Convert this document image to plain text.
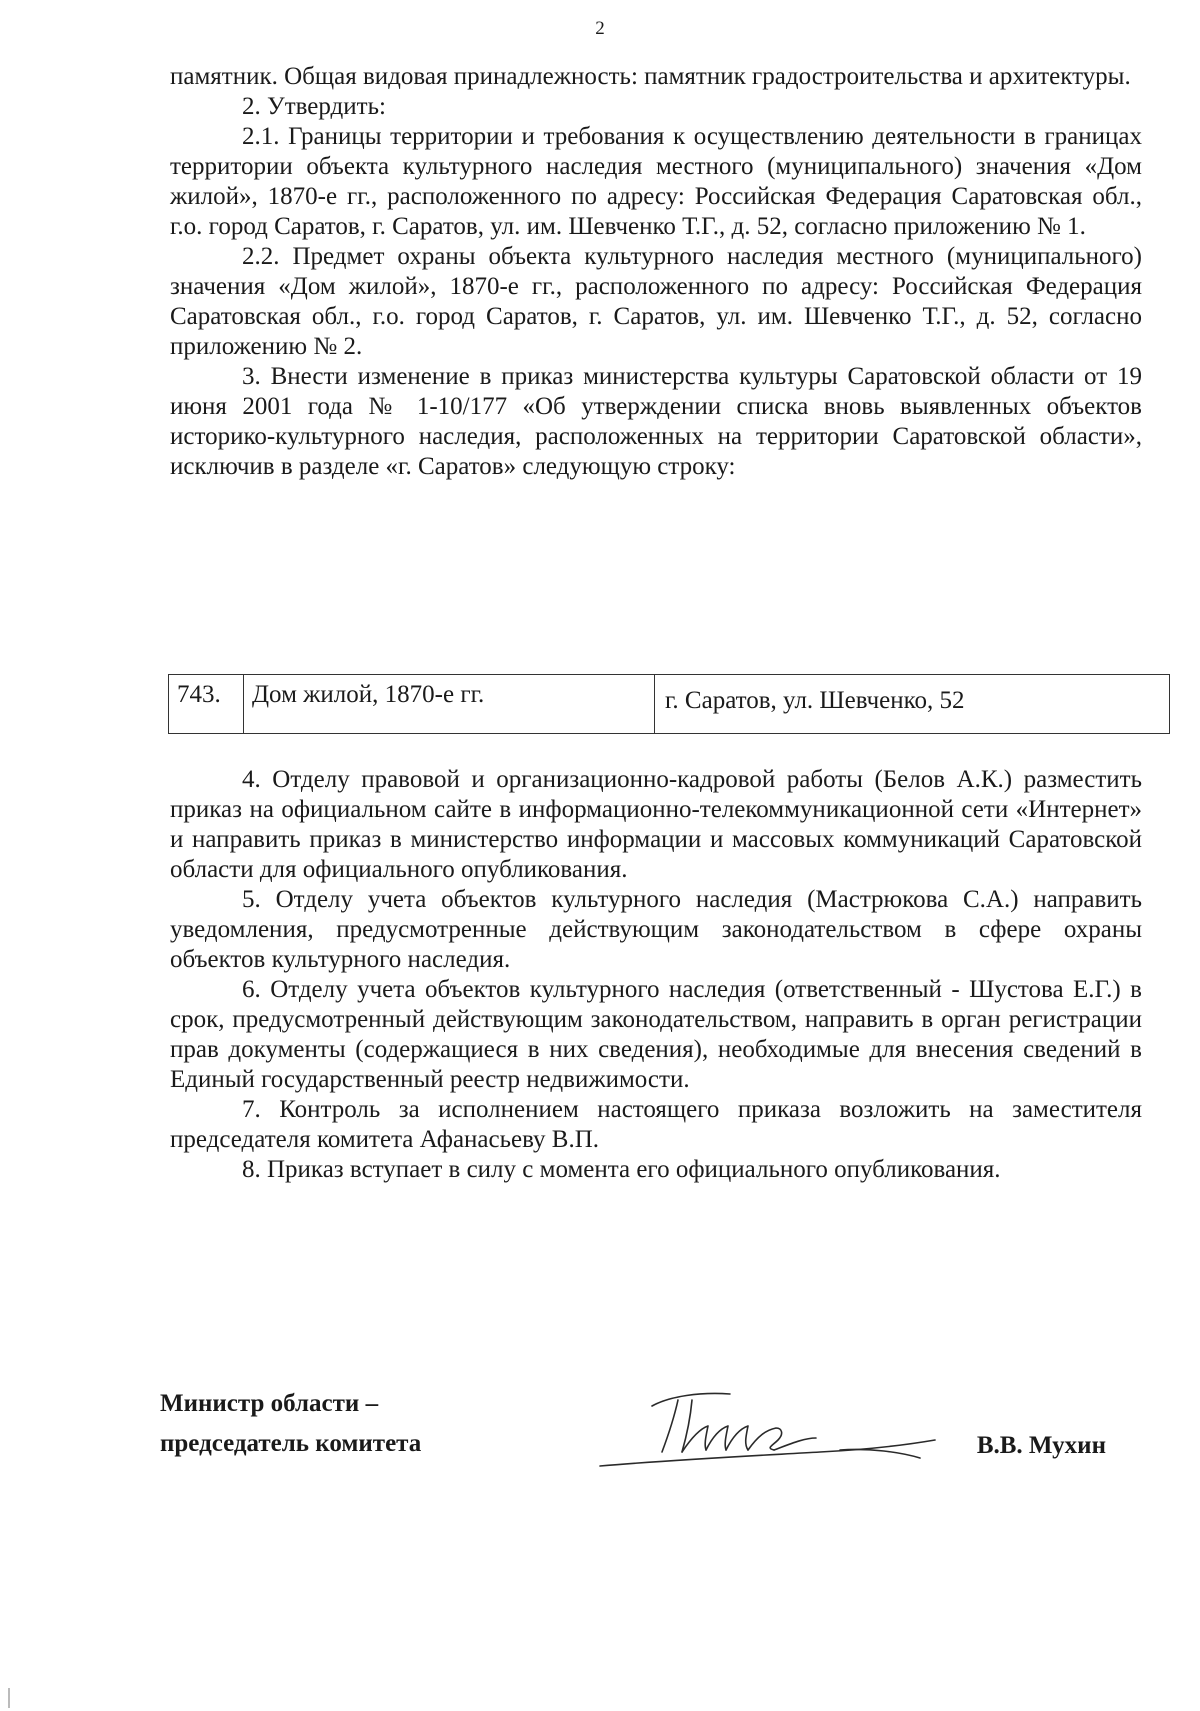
2

памятник. Общая видовая принадлежность: памятник градостроительства и архитектуры.

2. Утвердить:

2.1. Границы территории и требования к осуществлению деятельности в границах территории объекта культурного наследия местного (муниципального) значения «Дом жилой», 1870-е гг., расположенного по адресу: Российская Федерация Саратовская обл., г.о. город Саратов, г. Саратов, ул. им. Шевченко Т.Г., д. 52, согласно приложению № 1.

2.2. Предмет охраны объекта культурного наследия местного (муниципального) значения «Дом жилой», 1870-е гг., расположенного по адресу: Российская Федерация Саратовская обл., г.о. город Саратов, г. Саратов, ул. им. Шевченко Т.Г., д. 52, согласно приложению № 2.

3. Внести изменение в приказ министерства культуры Саратовской области от 19 июня 2001 года № 1-10/177 «Об утверждении списка вновь выявленных объектов историко-культурного наследия, расположенных на территории Саратовской области», исключив в разделе «г. Саратов» следующую строку:

743.	Дом жилой, 1870-е гг.	г. Саратов, ул. Шевченко, 52

4. Отделу правовой и организационно-кадровой работы (Белов А.К.) разместить приказ на официальном сайте в информационно-телекоммуникационной сети «Интернет» и направить приказ в министерство информации и массовых коммуникаций Саратовской области для официального опубликования.

5. Отделу учета объектов культурного наследия (Мастрюкова С.А.) направить уведомления, предусмотренные действующим законодательством в сфере охраны объектов культурного наследия.

6. Отделу учета объектов культурного наследия (ответственный - Шустова Е.Г.) в срок, предусмотренный действующим законодательством, направить в орган регистрации прав документы (содержащиеся в них сведения), необходимые для внесения сведений в Единый государственный реестр недвижимости.

7. Контроль за исполнением настоящего приказа возложить на заместителя председателя комитета Афанасьеву В.П.

8. Приказ вступает в силу с момента его официального опубликования.

Министр области –
председатель комитета	В.В. Мухин
